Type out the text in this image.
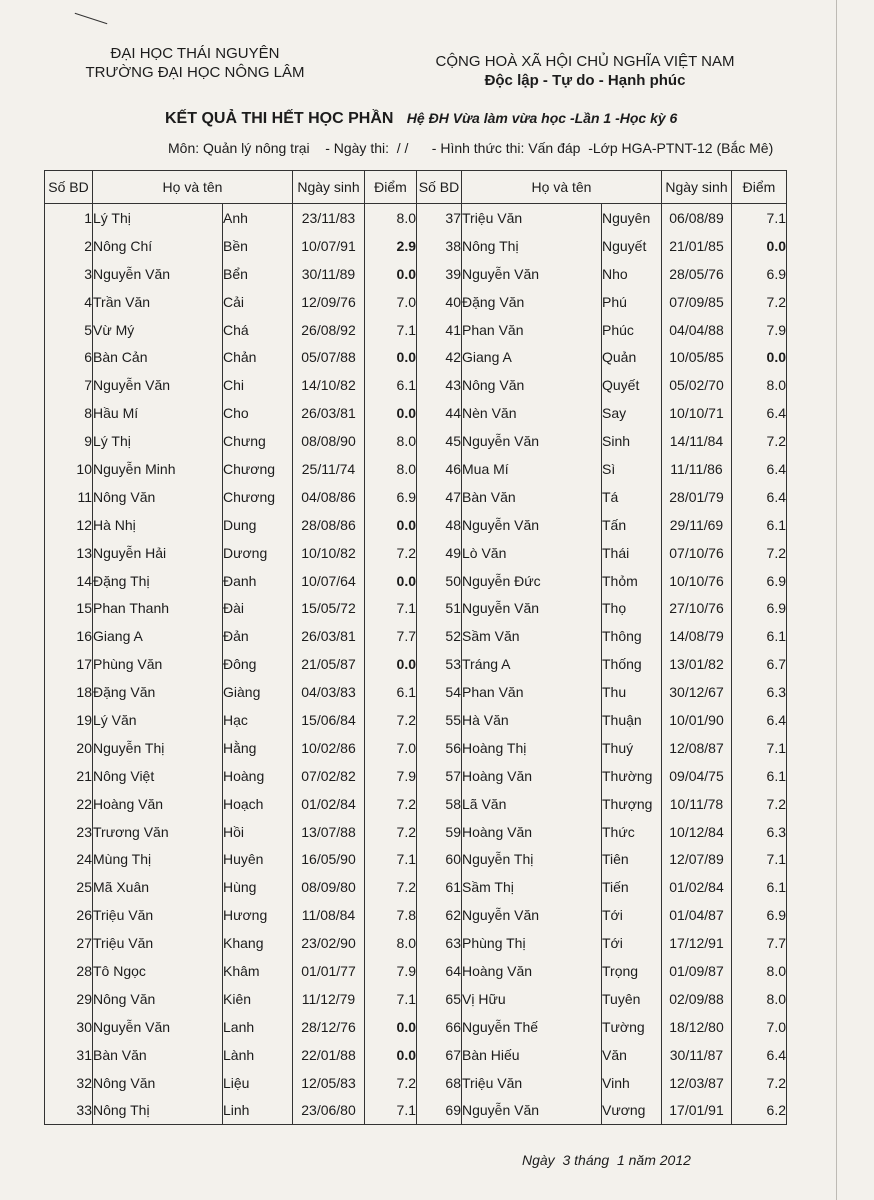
ĐẠI HỌC THÁI NGUYÊN
TRƯỜNG ĐẠI HỌC NÔNG LÂM
CỘNG HOÀ XÃ HỘI CHỦ NGHĨA VIỆT NAM
Độc lập - Tự do - Hạnh phúc
KẾT QUẢ THI HẾT HỌC PHẦN Hệ ĐH Vừa làm vừa học -Lần 1 -Học kỳ 6
Môn: Quản lý nông trại    - Ngày thi:  / /      - Hình thức thi: Vấn đáp  -Lớp HGA-PTNT-12 (Bắc Mê)
Số BD	Họ và tên		Ngày sinh	Điểm	Số BD	Họ và tên		Ngày sinh	Điểm
1	Lý Thị	Anh	23/11/83	8.0	37	Triệu Văn	Nguyên	06/08/89	7.1
2	Nông Chí	Bền	10/07/91	2.9	38	Nông Thị	Nguyết	21/01/85	0.0
3	Nguyễn Văn	Bển	30/11/89	0.0	39	Nguyễn Văn	Nho	28/05/76	6.9
4	Trần Văn	Cải	12/09/76	7.0	40	Đặng Văn	Phú	07/09/85	7.2
5	Vừ Mý	Chá	26/08/92	7.1	41	Phan Văn	Phúc	04/04/88	7.9
6	Bàn Cản	Chản	05/07/88	0.0	42	Giang A	Quản	10/05/85	0.0
7	Nguyễn Văn	Chi	14/10/82	6.1	43	Nông Văn	Quyết	05/02/70	8.0
8	Hầu Mí	Cho	26/03/81	0.0	44	Nèn Văn	Say	10/10/71	6.4
9	Lý Thị	Chưng	08/08/90	8.0	45	Nguyễn Văn	Sinh	14/11/84	7.2
10	Nguyễn Minh	Chương	25/11/74	8.0	46	Mua Mí	Sì	11/11/86	6.4
11	Nông Văn	Chương	04/08/86	6.9	47	Bàn Văn	Tá	28/01/79	6.4
12	Hà Nhị	Dung	28/08/86	0.0	48	Nguyễn Văn	Tấn	29/11/69	6.1
13	Nguyễn Hải	Dương	10/10/82	7.2	49	Lò Văn	Thái	07/10/76	7.2
14	Đặng Thị	Đanh	10/07/64	0.0	50	Nguyễn Đức	Thỏm	10/10/76	6.9
15	Phan Thanh	Đài	15/05/72	7.1	51	Nguyễn Văn	Thọ	27/10/76	6.9
16	Giang A	Đản	26/03/81	7.7	52	Sầm Văn	Thông	14/08/79	6.1
17	Phùng Văn	Đông	21/05/87	0.0	53	Tráng A	Thống	13/01/82	6.7
18	Đặng Văn	Giàng	04/03/83	6.1	54	Phan Văn	Thu	30/12/67	6.3
19	Lý Văn	Hạc	15/06/84	7.2	55	Hà Văn	Thuận	10/01/90	6.4
20	Nguyễn Thị	Hằng	10/02/86	7.0	56	Hoàng Thị	Thuý	12/08/87	7.1
21	Nông Việt	Hoàng	07/02/82	7.9	57	Hoàng Văn	Thường	09/04/75	6.1
22	Hoàng Văn	Hoạch	01/02/84	7.2	58	Lã Văn	Thượng	10/11/78	7.2
23	Trương Văn	Hồi	13/07/88	7.2	59	Hoàng Văn	Thức	10/12/84	6.3
24	Mùng Thị	Huyên	16/05/90	7.1	60	Nguyễn Thị	Tiên	12/07/89	7.1
25	Mã Xuân	Hùng	08/09/80	7.2	61	Sầm Thị	Tiến	01/02/84	6.1
26	Triệu Văn	Hương	11/08/84	7.8	62	Nguyễn Văn	Tới	01/04/87	6.9
27	Triệu Văn	Khang	23/02/90	8.0	63	Phùng Thị	Tới	17/12/91	7.7
28	Tô Ngọc	Khâm	01/01/77	7.9	64	Hoàng Văn	Trọng	01/09/87	8.0
29	Nông Văn	Kiên	11/12/79	7.1	65	Vị Hữu	Tuyên	02/09/88	8.0
30	Nguyễn Văn	Lanh	28/12/76	0.0	66	Nguyễn Thế	Tường	18/12/80	7.0
31	Bàn Văn	Lành	22/01/88	0.0	67	Bàn Hiếu	Văn	30/11/87	6.4
32	Nông Văn	Liệu	12/05/83	7.2	68	Triệu Văn	Vinh	12/03/87	7.2
33	Nông Thị	Linh	23/06/80	7.1	69	Nguyễn Văn	Vương	17/01/91	6.2
Ngày  3 tháng  1 năm 2012
